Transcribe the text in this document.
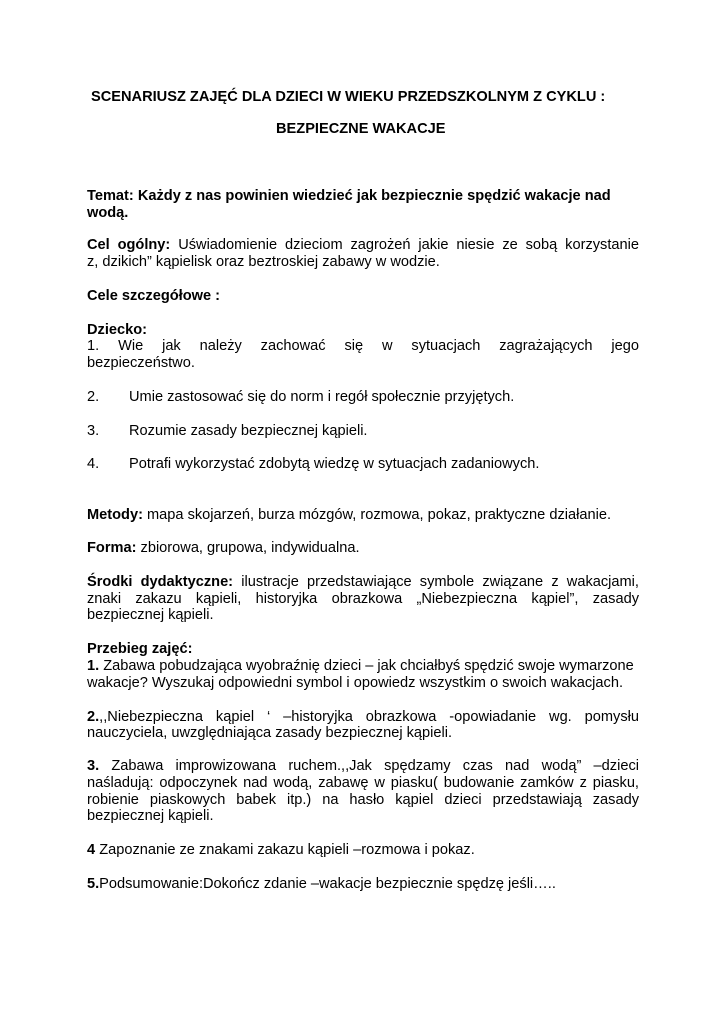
SCENARIUSZ ZAJĘĆ DLA DZIECI W WIEKU PRZEDSZKOLNYM Z CYKLU :
BEZPIECZNE WAKACJE
Temat: Każdy z nas powinien wiedzieć jak bezpiecznie spędzić wakacje nad
wodą.
Cel ogólny: Uświadomienie dzieciom zagrożeń jakie niesie ze sobą korzystanie
z, dzikich” kąpielisk oraz beztroskiej zabawy w wodzie.
Cele szczegółowe :
Dziecko:
1. Wie jak należy zachować się w sytuacjach zagrażających jego
bezpieczeństwo.
2. Umie zastosować się do norm i regół społecznie przyjętych.
3. Rozumie zasady bezpiecznej kąpieli.
4. Potrafi wykorzystać zdobytą wiedzę w sytuacjach zadaniowych.
Metody: mapa skojarzeń, burza mózgów, rozmowa, pokaz, praktyczne działanie.
Forma: zbiorowa, grupowa, indywidualna.
Środki dydaktyczne: ilustracje przedstawiające symbole związane z wakacjami,
znaki zakazu kąpieli, historyjka obrazkowa „Niebezpieczna kąpiel”, zasady
bezpiecznej kąpieli.
Przebieg zajęć:
1. Zabawa pobudzająca wyobraźnię dzieci – jak chciałbyś spędzić swoje wymarzone
wakacje? Wyszukaj odpowiedni symbol i opowiedz wszystkim o swoich wakacjach.
2.,,Niebezpieczna kąpiel ‘ –historyjka obrazkowa -opowiadanie wg. pomysłu
nauczyciela, uwzględniająca zasady bezpiecznej kąpieli.
3. Zabawa improwizowana ruchem.,,Jak spędzamy czas nad wodą” –dzieci
naśladują: odpoczynek nad wodą, zabawę w piasku( budowanie zamków z piasku,
robienie piaskowych babek itp.) na hasło kąpiel dzieci przedstawiają zasady
bezpiecznej kąpieli.
4 Zapoznanie ze znakami zakazu kąpieli –rozmowa i pokaz.
5.Podsumowanie:Dokończ zdanie –wakacje bezpiecznie spędzę jeśli…..
